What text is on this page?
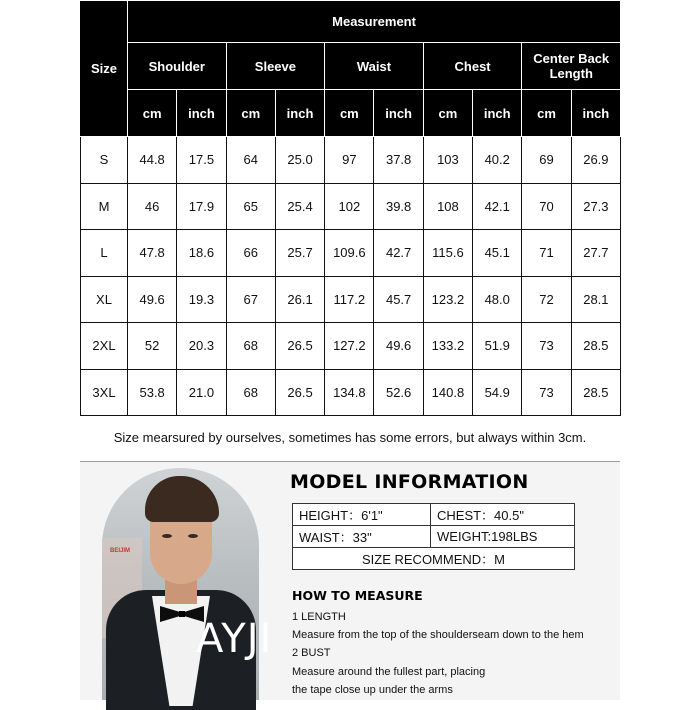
Size	Measurement									
	Shoulder		Sleeve		Waist		Chest		Center Back Length	
	cm	inch	cm	inch	cm	inch	cm	inch	cm	inch
S	44.8	17.5	64	25.0	97	37.8	103	40.2	69	26.9
M	46	17.9	65	25.4	102	39.8	108	42.1	70	27.3
L	47.8	18.6	66	25.7	109.6	42.7	115.6	45.1	71	27.7
XL	49.6	19.3	67	26.1	117.2	45.7	123.2	48.0	72	28.1
2XL	52	20.3	68	26.5	127.2	49.6	133.2	51.9	73	28.5
3XL	53.8	21.0	68	26.5	134.8	52.6	140.8	54.9	73	28.5
Size mearsured by ourselves, sometimes has some errors, but always within 3cm.
BEIJIM
AYJI
MODEL INFORMATION
HEIGHT：6'1"	CHEST：40.5"
WAIST：33"	WEIGHT:198LBS
SIZE RECOMMEND：M	
HOW TO MEASURE
1 LENGTH
Measure from the top of the shoulderseam down to the hem
2 BUST
Measure around the fullest part, placing
the tape close up under the arms
